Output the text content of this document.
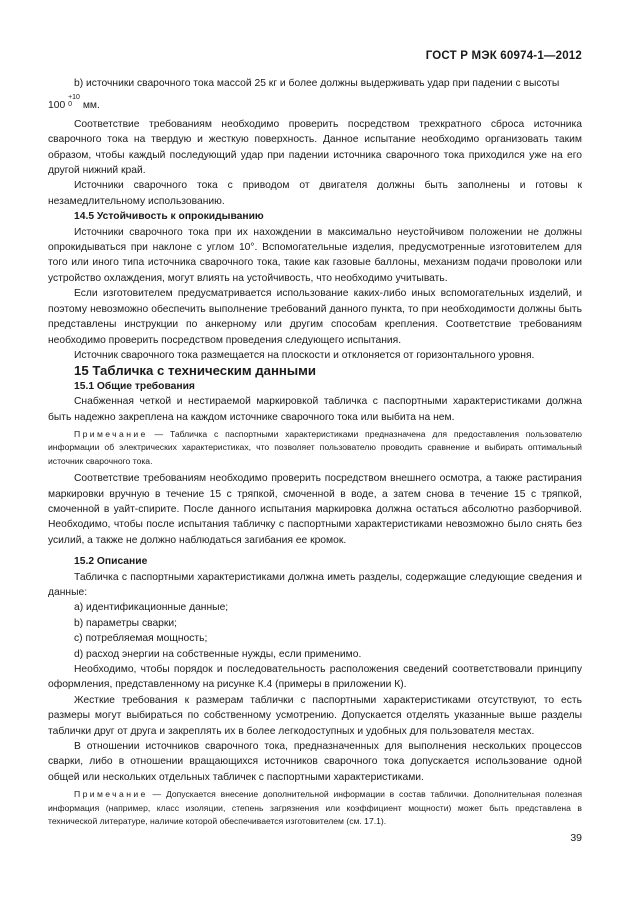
ГОСТ Р МЭК 60974-1—2012

b) источники сварочного тока массой 25 кг и более должны выдерживать удар при падении с высоты

100
+10
0	мм.

Соответствие требованиям необходимо проверить посредством трехкратного сброса источника сварочного тока на твердую и жесткую поверхность. Данное испытание необходимо организовать таким образом, чтобы каждый последующий удар при падении источника сварочного тока приходился уже на его другой нижний край.

Источники сварочного тока с приводом от двигателя должны быть заполнены и готовы к незамедлительному использованию.

14.5 Устойчивость к опрокидыванию

Источники сварочного тока при их нахождении в максимально неустойчивом положении не должны опрокидываться при наклоне с углом 10°. Вспомогательные изделия, предусмотренные изготовителем для того или иного типа источника сварочного тока, такие как газовые баллоны, механизм подачи проволоки или устройство охлаждения, могут влиять на устойчивость, что необходимо учитывать.

Если изготовителем предусматривается использование каких-либо иных вспомогательных изделий, и поэтому невозможно обеспечить выполнение требований данного пункта, то при необходимости должны быть представлены инструкции по анкерному или другим способам крепления. Соответствие требованиям необходимо проверить посредством проведения следующего испытания.

Источник сварочного тока размещается на плоскости и отклоняется от горизонтального уровня.

15 Табличка с техническим данными

15.1 Общие требования

Снабженная четкой и нестираемой маркировкой табличка с паспортными характеристиками должна быть надежно закреплена на каждом источнике сварочного тока или выбита на нем.

Примечание — Табличка с паспортными характеристиками предназначена для предоставления пользователю информации об электрических характеристиках, что позволяет пользователю проводить сравнение и выбирать оптимальный источник сварочного тока.

Соответствие требованиям необходимо проверить посредством внешнего осмотра, а также растирания маркировки вручную в течение 15 с тряпкой, смоченной в воде, а затем снова в течение 15 с тряпкой, смоченной в уайт-спирите. После данного испытания маркировка должна остаться абсолютно разборчивой. Необходимо, чтобы после испытания табличку с паспортными характеристиками невозможно было снять без усилий, а также не должно наблюдаться загибания ее кромок.

15.2 Описание

Табличка с паспортными характеристиками должна иметь разделы, содержащие следующие сведения и данные:

a) идентификационные данные;

b) параметры сварки;

c) потребляемая мощность;

d) расход энергии на собственные нужды, если применимо.

Необходимо, чтобы порядок и последовательность расположения сведений соответствовали принципу оформления, представленному на рисунке К.4 (примеры в приложении К).

Жесткие требования к размерам таблички с паспортными характеристиками отсутствуют, то есть размеры могут выбираться по собственному усмотрению. Допускается отделять указанные выше разделы таблички друг от друга и закреплять их в более легкодоступных и удобных для пользователя местах.

В отношении источников сварочного тока, предназначенных для выполнения нескольких процессов сварки, либо в отношении вращающихся источников сварочного тока допускается использование одной общей или нескольких отдельных табличек с паспортными характеристиками.

Примечание — Допускается внесение дополнительной информации в состав таблички. Дополнительная полезная информация (например, класс изоляции, степень загрязнения или коэффициент мощности) может быть представлена в технической литературе, наличие которой обеспечивается изготовителем (см. 17.1).

39
